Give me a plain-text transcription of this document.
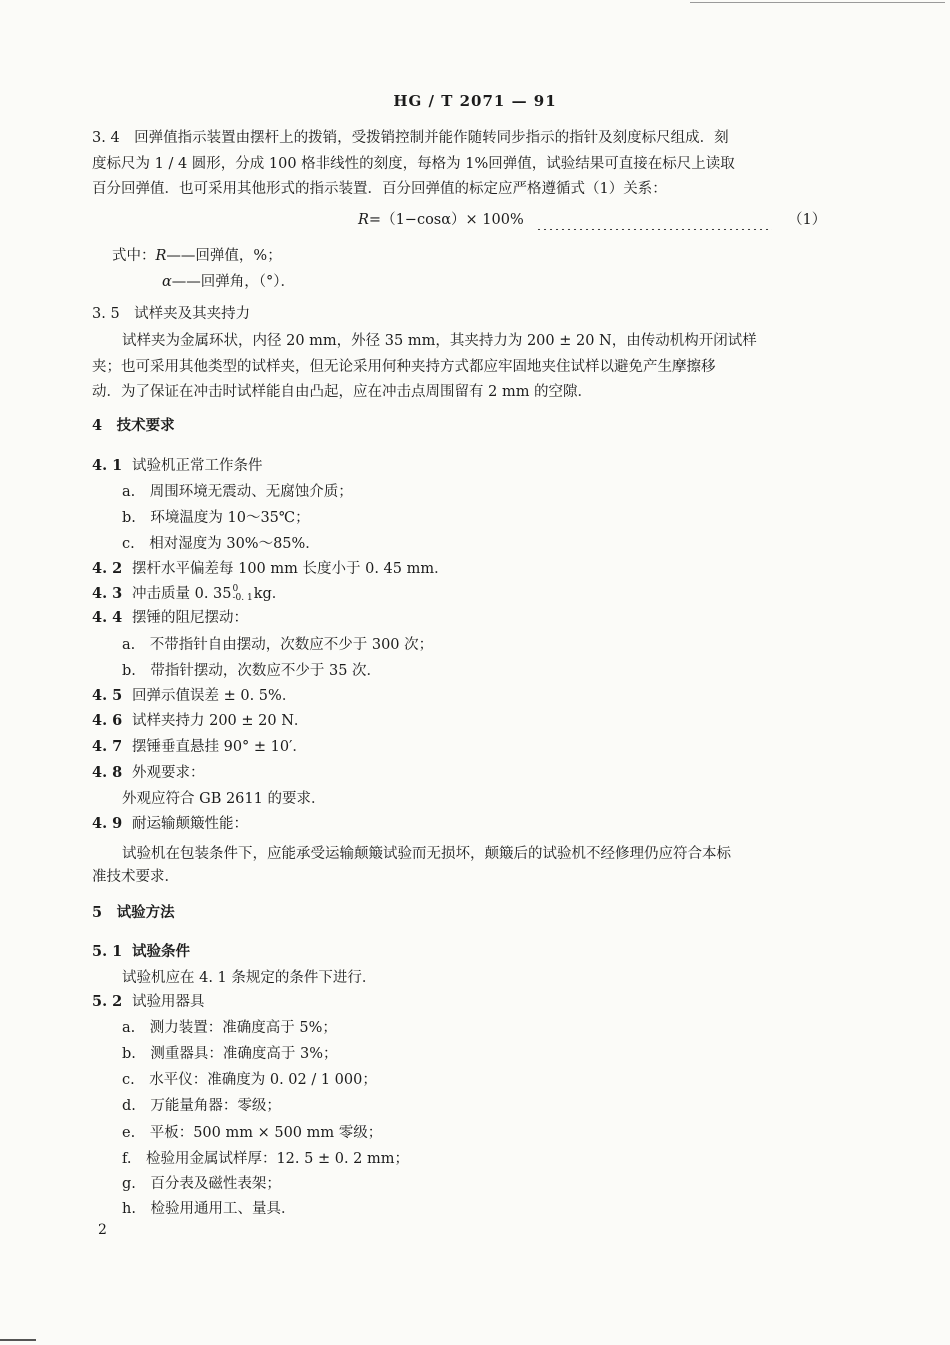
HG / T 2071 — 91
3. 4　回弹值指示装置由摆杆上的拨销，受拨销控制并能作随转同步指示的指针及刻度标尺组成．刻
度标尺为 1 / 4 圆形，分成 100 格非线性的刻度，每格为 1%回弹值，试验结果可直接在标尺上读取
百分回弹值．也可采用其他形式的指示装置．百分回弹值的标定应严格遵循式（1）关系：
R=（1−cosα）× 100%	（1）
式中：R——回弹值，%；
α——回弹角，（°）．
3. 5　试样夹及其夹持力
试样夹为金属环状，内径 20 mm，外径 35 mm，其夹持力为 200 ± 20 N，由传动机构开闭试样
夹；也可采用其他类型的试样夹，但无论采用何种夹持方式都应牢固地夹住试样以避免产生摩擦移
动．为了保证在冲击时试样能自由凸起，应在冲击点周围留有 2 mm 的空隙．
4　技术要求
4. 1 试验机正常工作条件
a.　周围环境无震动、无腐蚀介质；
b.　环境温度为 10～35℃；
c.　相对湿度为 30%～85%．
4. 2 摆杆水平偏差每 100 mm 长度小于 0. 45 mm．
4. 3 冲击质量 0. 350
-0. 1kg．
4. 4 摆锤的阻尼摆动：
a.　不带指针自由摆动，次数应不少于 300 次；
b.　带指针摆动，次数应不少于 35 次．
4. 5 回弹示值误差 ± 0. 5%．
4. 6 试样夹持力 200 ± 20 N．
4. 7 摆锤垂直悬挂 90° ± 10′．
4. 8 外观要求：
外观应符合 GB 2611 的要求．
4. 9 耐运输颠簸性能：
试验机在包装条件下，应能承受运输颠簸试验而无损坏，颠簸后的试验机不经修理仍应符合本标
准技术要求．
5　试验方法
5. 1 试验条件
试验机应在 4. 1 条规定的条件下进行．
5. 2 试验用器具
a.　测力装置：准确度高于 5%；
b.　测重器具：准确度高于 3%；
c.　水平仪：准确度为 0. 02 / 1 000；
d.　万能量角器：零级；
e.　平板：500 mm × 500 mm 零级；
f.　检验用金属试样厚：12. 5 ± 0. 2 mm；
g.　百分表及磁性表架；
h.　检验用通用工、量具．
2
